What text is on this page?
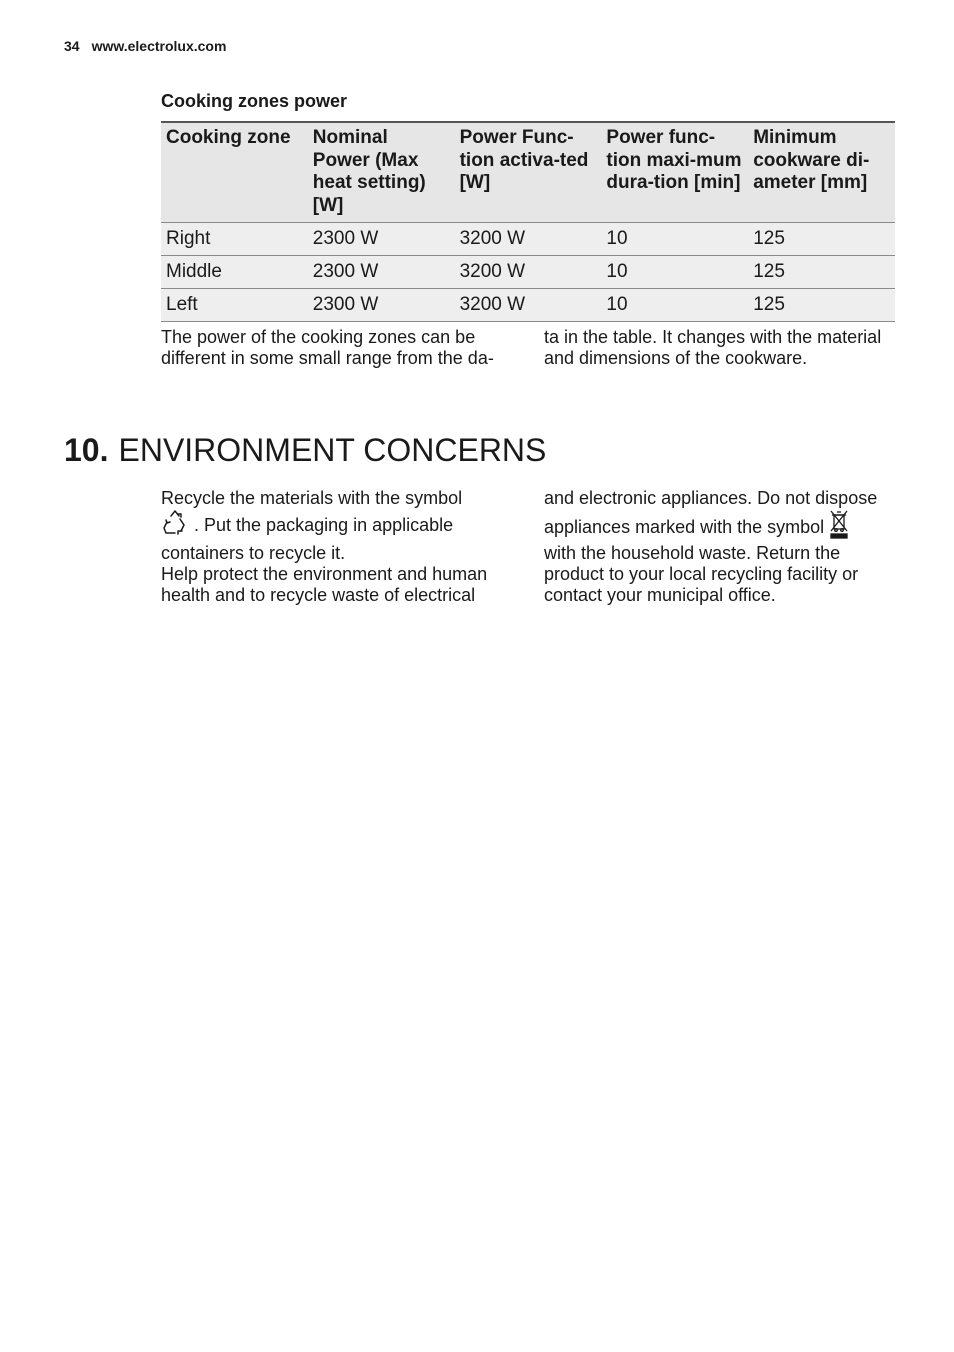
34 www.electrolux.com
Cooking zones power
Cooking zone	Nominal Power (Max heat setting) [W]	Power Func-tion activa-ted [W]	Power func-tion maxi-mum dura-tion [min]	Minimum cookware di-ameter [mm]
Right	2300 W	3200 W	10	125
Middle	2300 W	3200 W	10	125
Left	2300 W	3200 W	10	125
The power of the cooking zones can be different in some small range from the da-
ta in the table. It changes with the material and dimensions of the cookware.
10. ENVIRONMENT CONCERNS
Recycle the materials with the symbol
. Put the packaging in applicable
containers to recycle it.
Help protect the environment and human health and to recycle waste of electrical
and electronic appliances. Do not dispose
appliances marked with the symbol
with the household waste. Return the product to your local recycling facility or contact your municipal office.
